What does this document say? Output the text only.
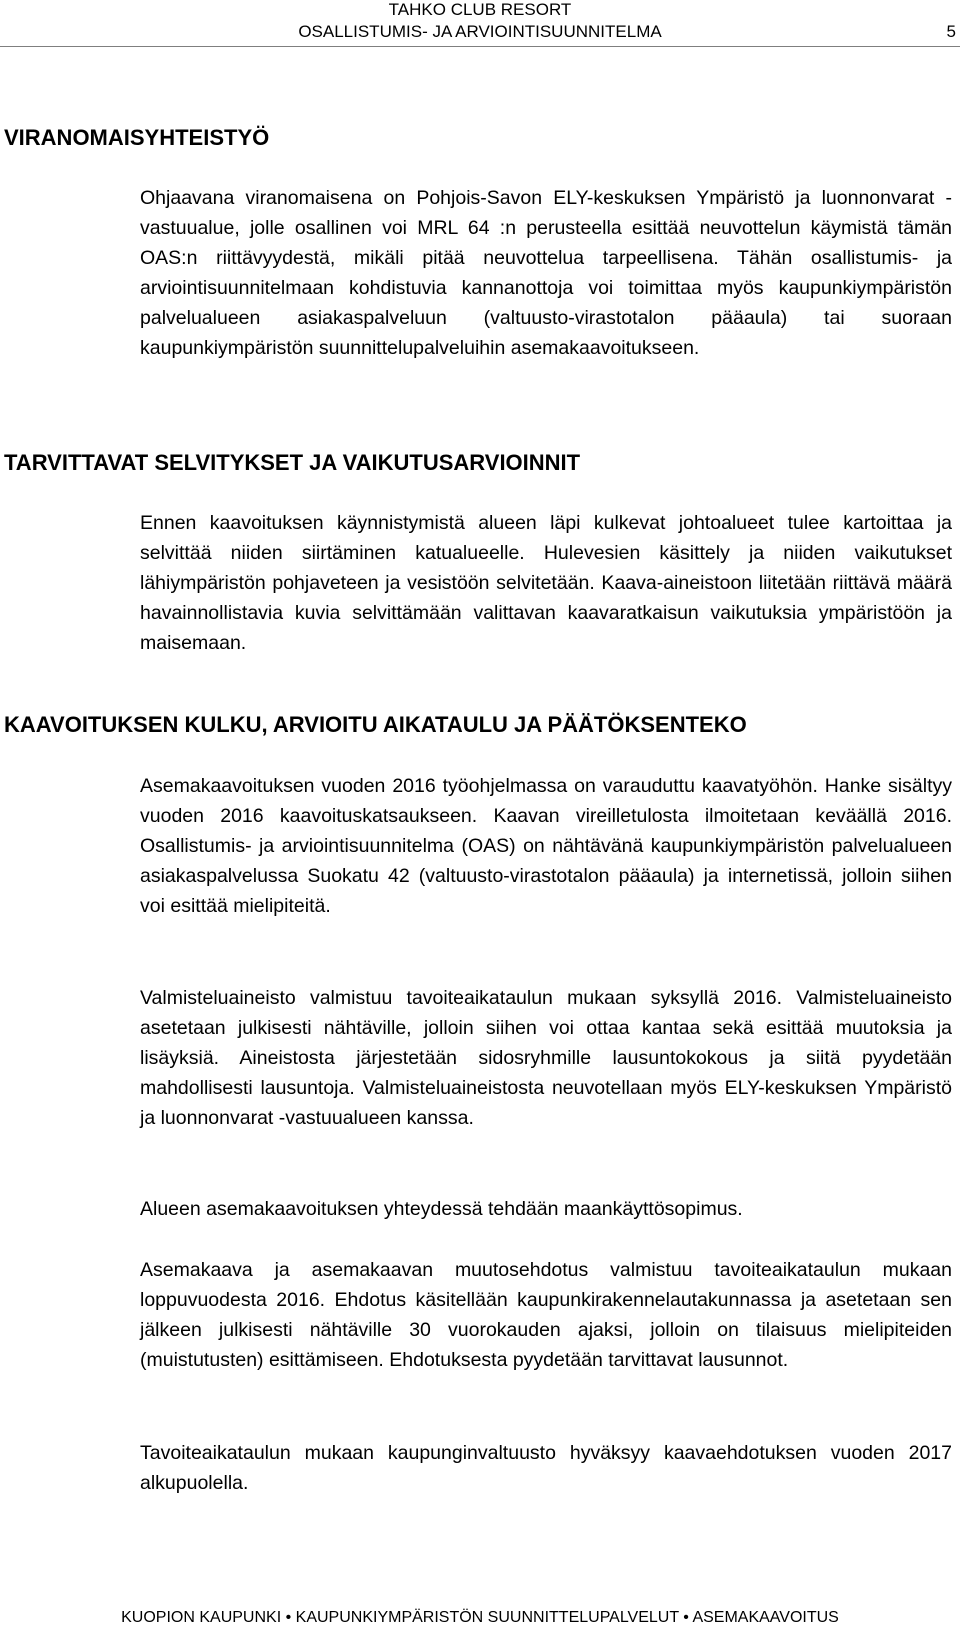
TAHKO CLUB RESORT
OSALLISTUMIS- JA ARVIOINTISUUNNITELMA	5
VIRANOMAISYHTEISTYÖ

Ohjaavana viranomaisena on Pohjois-Savon ELY-keskuksen Ympäristö ja luonnonvarat -vastuualue, jolle osallinen voi MRL 64 :n perusteella esittää neuvottelun käymistä tämän OAS:n riittävyydestä, mikäli pitää neuvottelua tarpeellisena. Tähän osallistumis- ja arviointisuunnitelmaan kohdistuvia kannanottoja voi toimittaa myös kaupunkiympäristön palvelualueen asiakaspalveluun (valtuusto-virastotalon pääaula) tai suoraan kaupunkiympäristön suunnittelupalveluihin asemakaavoitukseen.

TARVITTAVAT SELVITYKSET JA VAIKUTUSARVIOINNIT

Ennen kaavoituksen käynnistymistä alueen läpi kulkevat johtoalueet tulee kartoittaa ja selvittää niiden siirtäminen katualueelle. Hulevesien käsittely ja niiden vaikutukset lähiympäristön pohjaveteen ja vesistöön selvitetään. Kaava-aineistoon liitetään riittävä määrä havainnollistavia kuvia selvittämään valittavan kaavaratkaisun vaikutuksia ympäristöön ja maisemaan.

KAAVOITUKSEN KULKU, ARVIOITU AIKATAULU JA PÄÄTÖKSENTEKO

Asemakaavoituksen vuoden 2016 työohjelmassa on varauduttu kaavatyöhön. Hanke sisältyy vuoden 2016 kaavoituskatsaukseen. Kaavan vireilletulosta ilmoitetaan keväällä 2016. Osallistumis- ja arviointisuunnitelma (OAS) on nähtävänä kaupunkiympäristön palvelualueen asiakaspalvelussa Suokatu 42 (valtuusto-virastotalon pääaula) ja internetissä, jolloin siihen voi esittää mielipiteitä.

Valmisteluaineisto valmistuu tavoiteaikataulun mukaan syksyllä 2016. Valmisteluaineisto asetetaan julkisesti nähtäville, jolloin siihen voi ottaa kantaa sekä esittää muutoksia ja lisäyksiä. Aineistosta järjestetään sidosryhmille lausuntokokous ja siitä pyydetään mahdollisesti lausuntoja. Valmisteluaineistosta neuvotellaan myös ELY-keskuksen Ympäristö ja luonnonvarat -vastuualueen kanssa.

Alueen asemakaavoituksen yhteydessä tehdään maankäyttösopimus.

Asemakaava ja asemakaavan muutosehdotus valmistuu tavoiteaikataulun mukaan loppuvuodesta 2016. Ehdotus käsitellään kaupunkirakennelautakunnassa ja asetetaan sen jälkeen julkisesti nähtäville 30 vuorokauden ajaksi, jolloin on tilaisuus mielipiteiden (muistutusten) esittämiseen. Ehdotuksesta pyydetään tarvittavat lausunnot.

Tavoiteaikataulun mukaan kaupunginvaltuusto hyväksyy kaavaehdotuksen vuoden 2017 alkupuolella.

KUOPION KAUPUNKI • KAUPUNKIYMPÄRISTÖN SUUNNITTELUPALVELUT • ASEMAKAAVOITUS
